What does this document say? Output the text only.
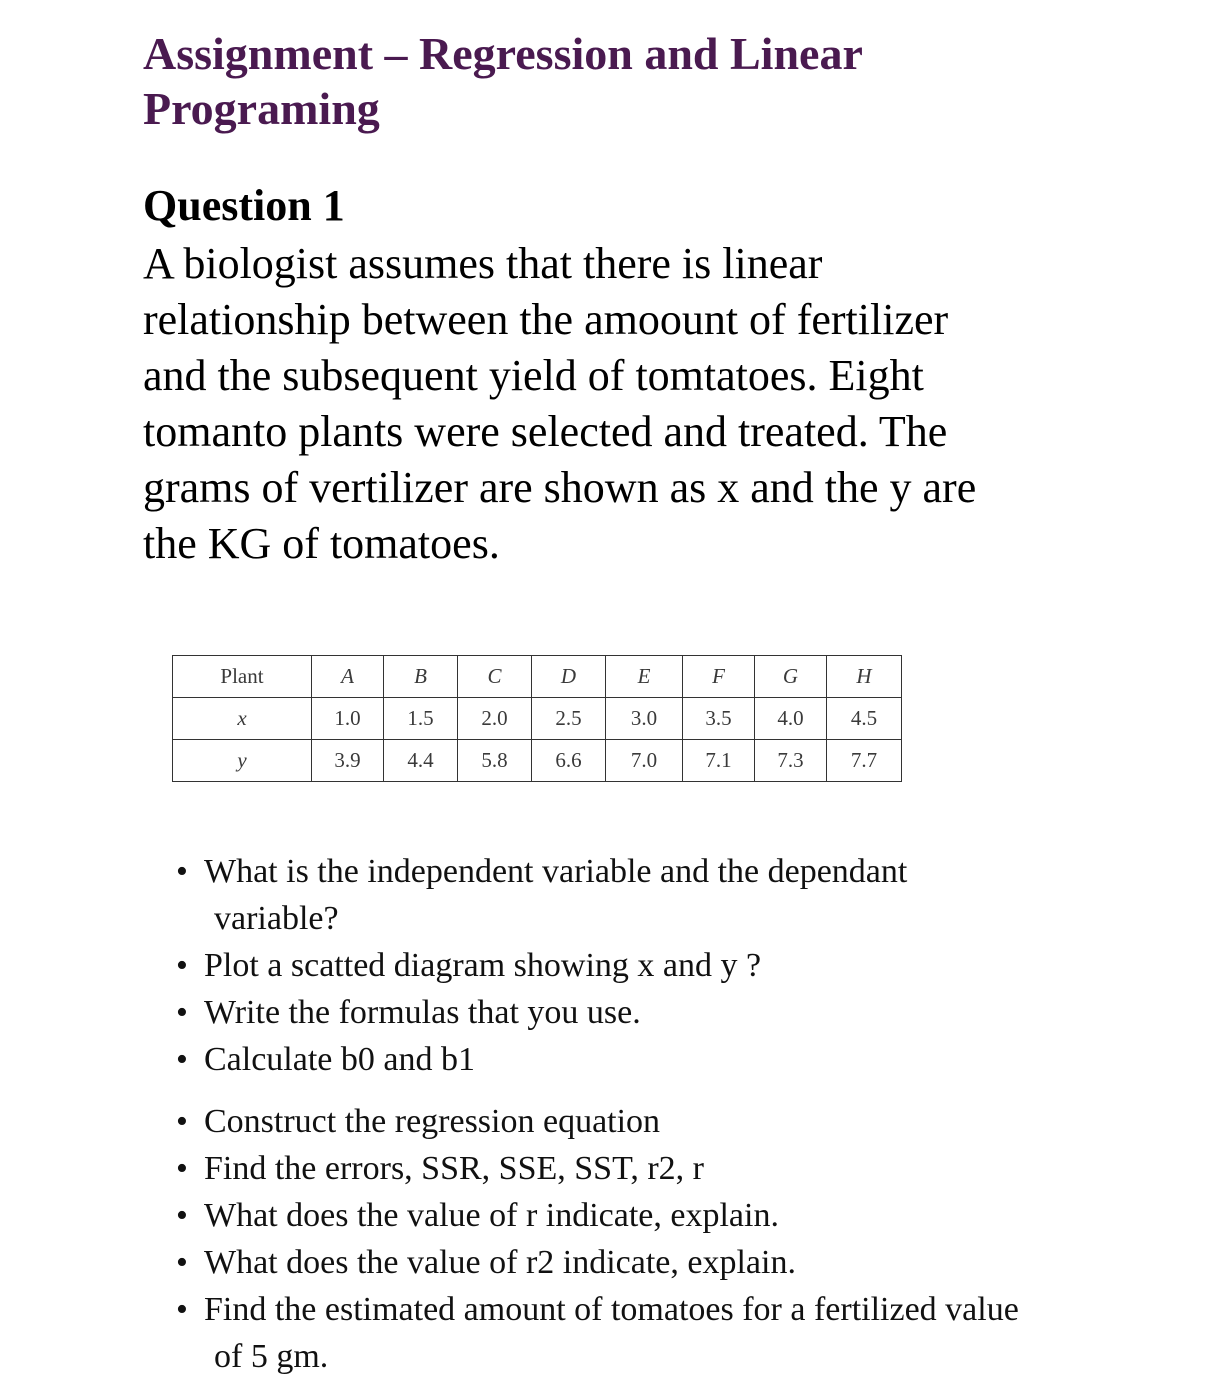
Assignment – Regression and Linear
Programing
Question 1
A biologist assumes that there is linear
relationship between the amoount of fertilizer
and the subsequent yield of tomtatoes. Eight
tomanto plants were selected and treated. The
grams of vertilizer are shown as x and the y are
the KG of tomatoes.
Plant	A	B	C	D	E	F	G	H
x	1.0	1.5	2.0	2.5	3.0	3.5	4.0	4.5
y	3.9	4.4	5.8	6.6	7.0	7.1	7.3	7.7
• What is the independent variable and the dependant
variable?
• Plot a scatted diagram showing x and y ?
• Write the formulas that you use.
• Calculate b0 and b1
• Construct the regression equation
• Find the errors, SSR, SSE, SST, r2, r
• What does the value of r indicate, explain.
• What does the value of r2 indicate, explain.
• Find the estimated amount of tomatoes for a fertilized value
of 5 gm.
